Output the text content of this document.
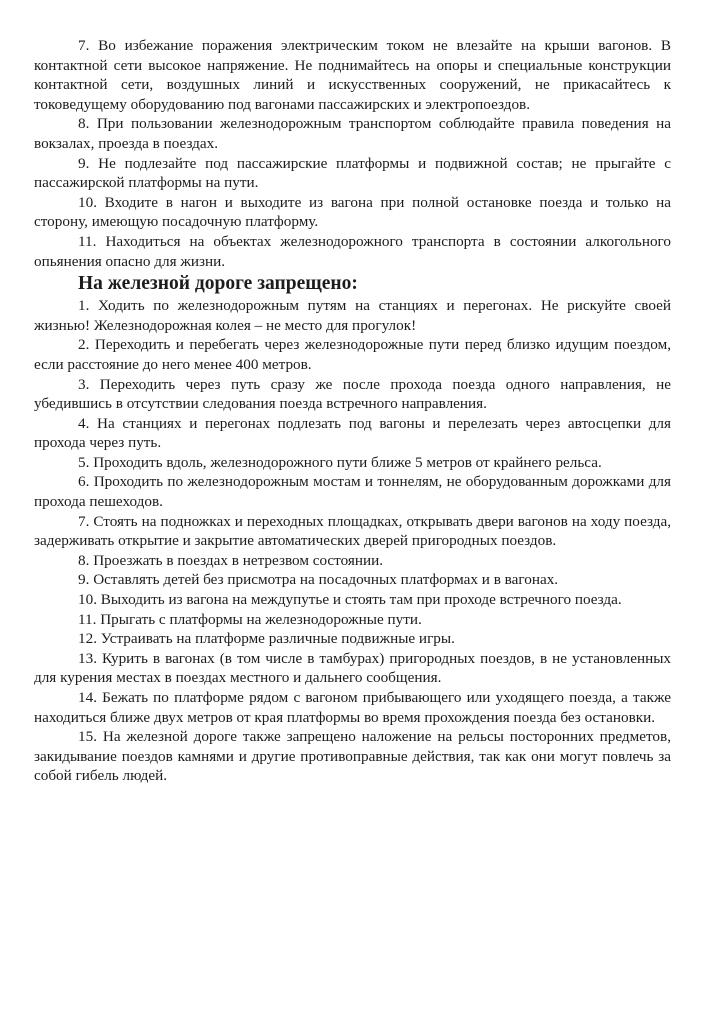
7. Во избежание поражения электрическим током не влезайте на крыши вагонов. В контактной сети высокое напряжение. Не поднимайтесь на опоры и специальные конструкции контактной сети, воздушных линий и искусственных сооружений, не прикасайтесь к токоведущему оборудованию под вагонами пассажирских и электропоездов.

8. При пользовании железнодорожным транспортом соблюдайте правила поведения на вокзалах, проезда в поездах.

9. Не подлезайте под пассажирские платформы и подвижной состав; не прыгайте с пассажирской платформы на пути.

10. Входите в нагон и выходите из вагона при полной остановке поезда и только на сторону, имеющую посадочную платформу.

11. Находиться на объектах железнодорожного транспорта в состоянии алкогольного опьянения опасно для жизни.

На железной дороге запрещено:

1. Ходить по железнодорожным путям на станциях и перегонах. Не рискуйте своей жизнью! Железнодорожная колея – не место для прогулок!

2. Переходить и перебегать через железнодорожные пути перед близко идущим поездом, если расстояние до него менее 400 метров.

3. Переходить через путь сразу же после прохода поезда одного направления, не убедившись в отсутствии следования поезда встречного направления.

4. На станциях и перегонах подлезать под вагоны и перелезать через автосцепки для прохода через путь.

5. Проходить вдоль, железнодорожного пути ближе 5 метров от крайнего рельса.

6. Проходить по железнодорожным мостам и тоннелям, не оборудованным дорожками для прохода пешеходов.

7. Стоять на подножках и переходных площадках, открывать двери вагонов на ходу поезда, задерживать открытие и закрытие автоматических дверей пригородных поездов.

8. Проезжать в поездах в нетрезвом состоянии.

9. Оставлять детей без присмотра на посадочных платформах и в вагонах.

10. Выходить из вагона на междупутье и стоять там при проходе встречного поезда.

11. Прыгать с платформы на железнодорожные пути.

12. Устраивать на платформе различные подвижные игры.

13. Курить в вагонах (в том числе в тамбурах) пригородных поездов, в не установленных для курения местах в поездах местного и дальнего сообщения.

14. Бежать по платформе рядом с вагоном прибывающего или уходящего поезда, а также находиться ближе двух метров от края платформы во время прохождения поезда без остановки.

15. На железной дороге также запрещено наложение на рельсы посторонних предметов, закидывание поездов камнями и другие противоправные действия, так как они могут повлечь за собой гибель людей.
